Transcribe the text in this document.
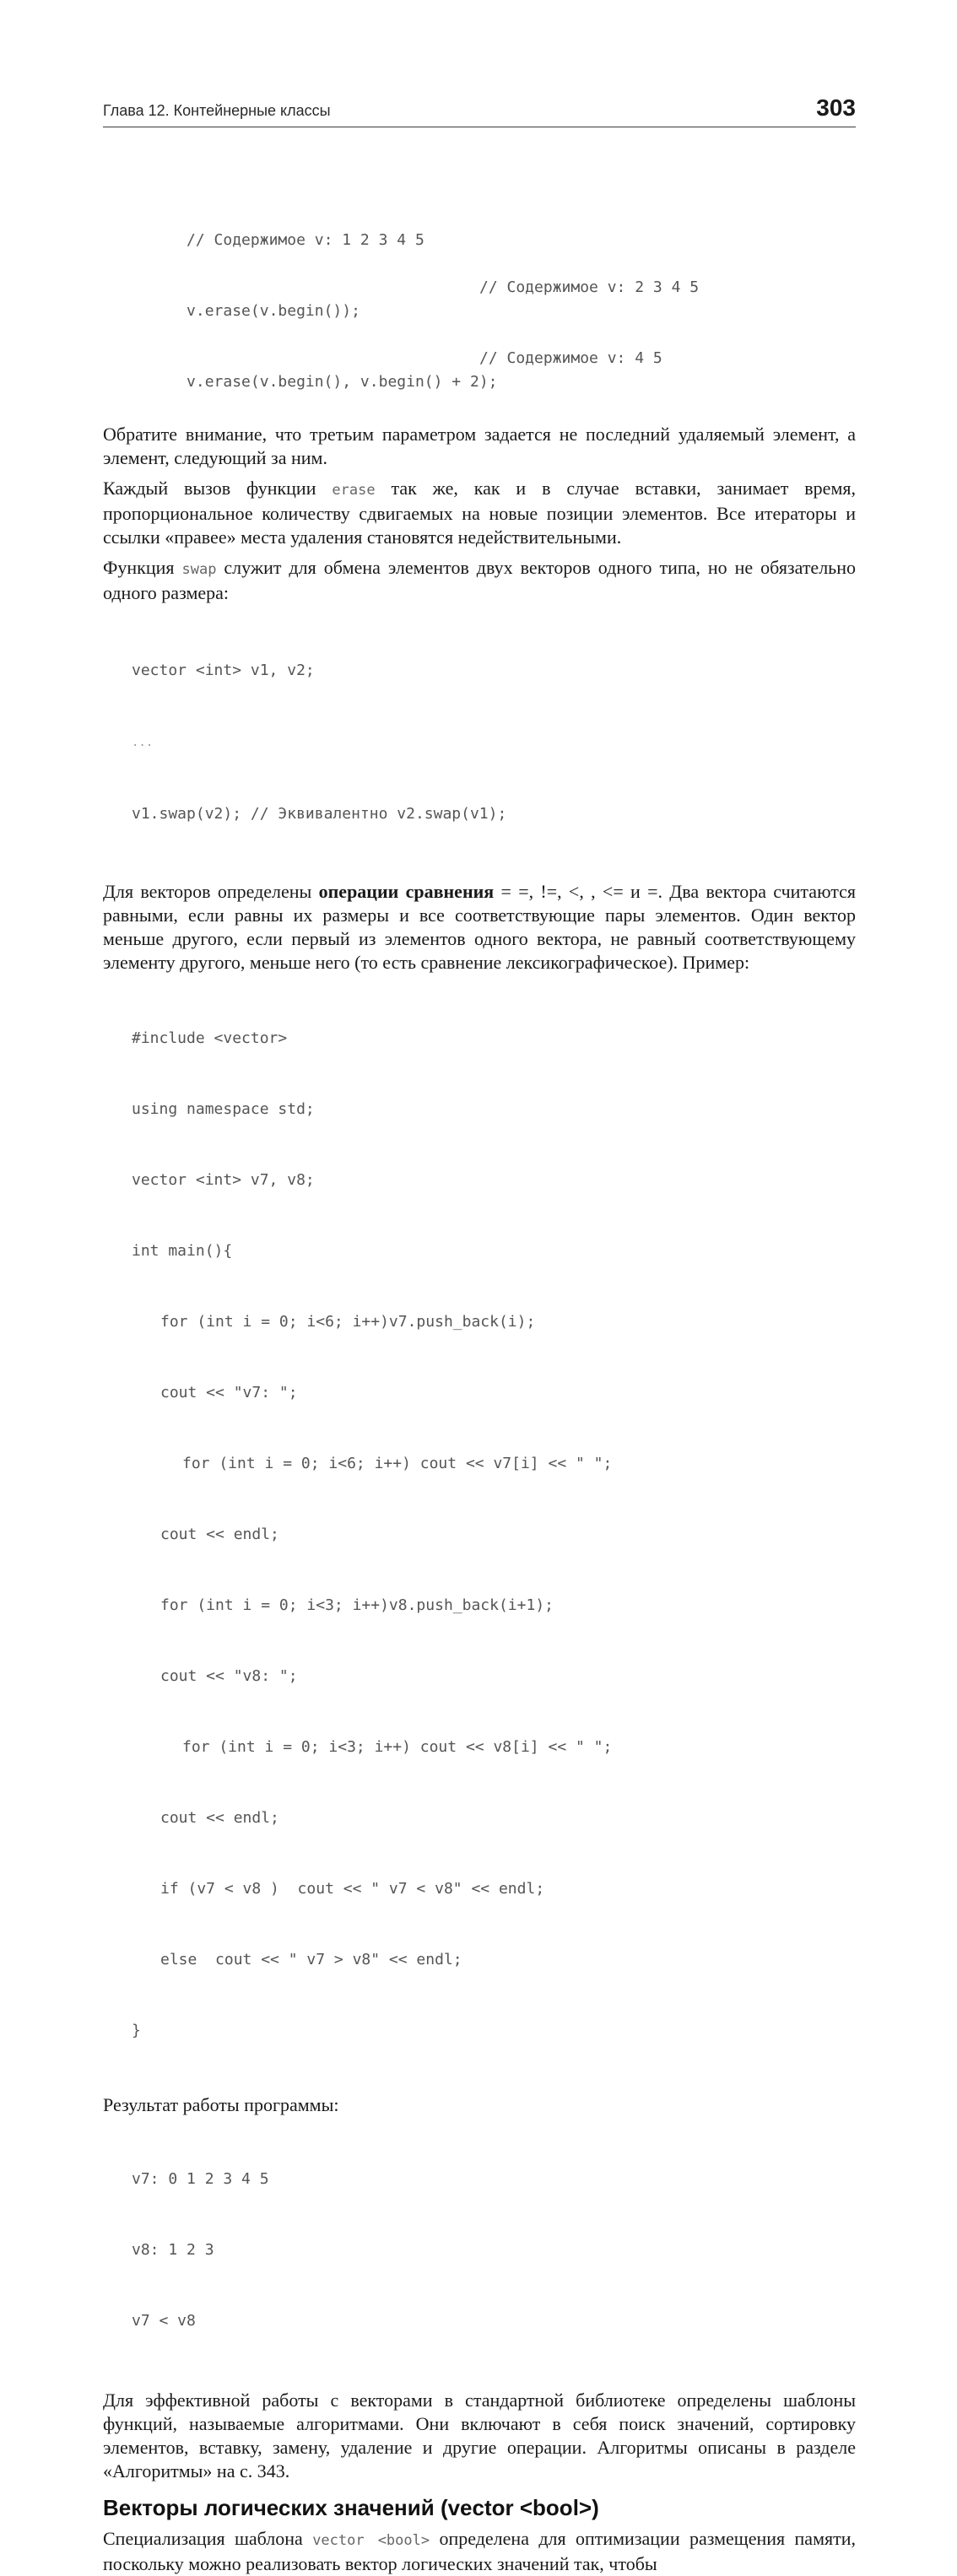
Глава 12. Контейнерные классы	303

// Содержимое v: 1 2 3 4 5

v.erase(v.begin());

// Содержимое v: 2 3 4 5

v.erase(v.begin(), v.begin() + 2);

// Содержимое v: 4 5

Обратите внимание, что третьим параметром задается не последний удаляемый элемент, а элемент, следующий за ним.

Каждый вызов функции erase так же, как и в случае вставки, занимает время, пропорциональное количеству сдвигаемых на новые позиции элементов. Все итераторы и ссылки «правее» места удаления становятся недействительными.

Функция swap служит для обмена элементов двух векторов одного типа, но не обязательно одного размера:

vector <int> v1, v2;

...

v1.swap(v2); // Эквивалентно v2.swap(v1);

Для векторов определены операции сравнения = =, !=, <, , <= и =. Два вектора считаются равными, если равны их размеры и все соответствующие пары элементов. Один вектор меньше другого, если первый из элементов одного вектора, не равный соответствующему элементу другого, меньше него (то есть сравнение лексикографическое). Пример:

#include <vector>

using namespace std;

vector <int> v7, v8;

int main(){

for (int i = 0; i<6; i++)v7.push_back(i);

cout << "v7: ";

for (int i = 0; i<6; i++) cout << v7[i] << " ";

cout << endl;

for (int i = 0; i<3; i++)v8.push_back(i+1);

cout << "v8: ";

for (int i = 0; i<3; i++) cout << v8[i] << " ";

cout << endl;

if (v7 < v8 )  cout << " v7 < v8" << endl;

else  cout << " v7 > v8" << endl;

}

Результат работы программы:

v7: 0 1 2 3 4 5

v8: 1 2 3

v7 < v8

Для эффективной работы с векторами в стандартной библиотеке определены шаблоны функций, называемые алгоритмами. Они включают в себя поиск значений, сортировку элементов, вставку, замену, удаление и другие операции. Алгоритмы описаны в разделе «Алгоритмы» на с. 343.

Векторы логических значений (vector <bool>)

Специализация шаблона vector <bool> определена для оптимизации размещения памяти, поскольку можно реализовать вектор логических значений так, чтобы
